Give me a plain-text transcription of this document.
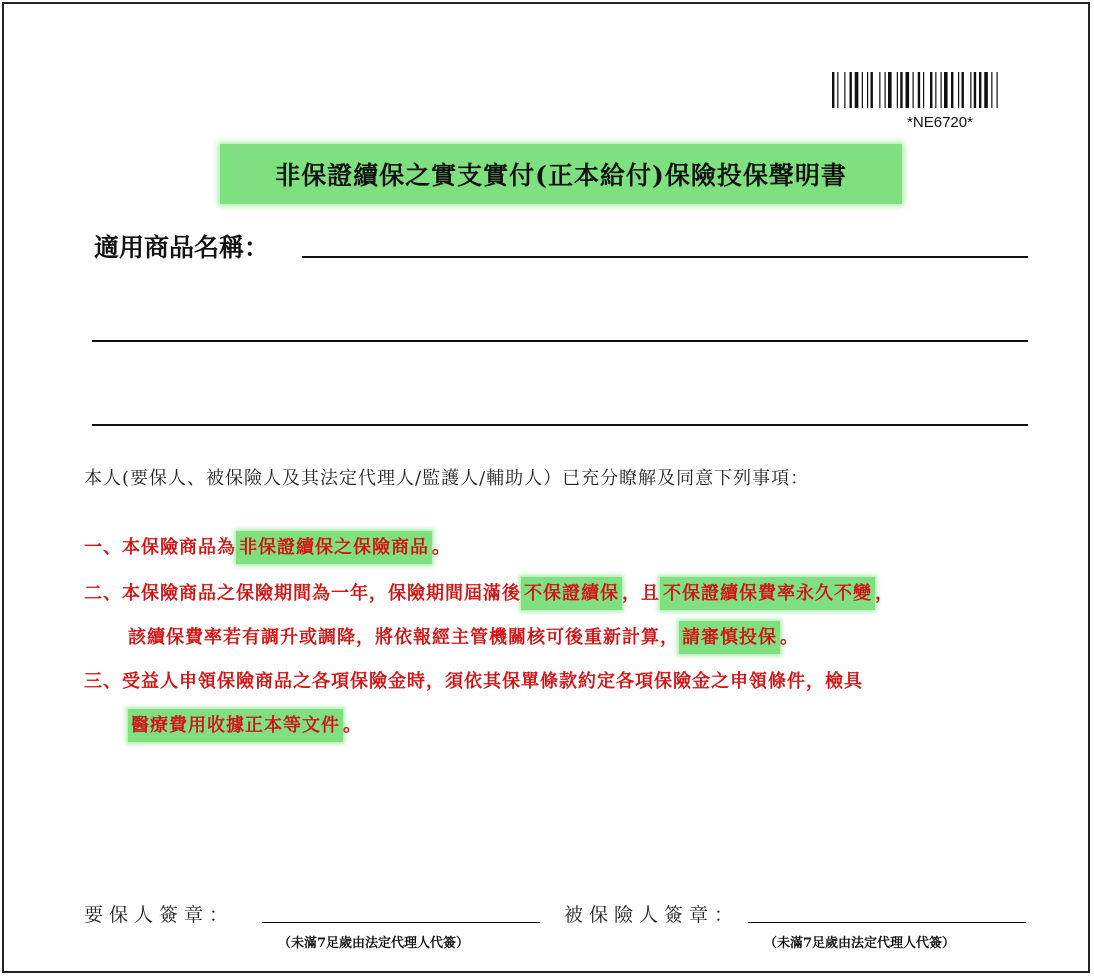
*NE6720*
非保證續保之實支實付(正本給付)保險投保聲明書
適用商品名稱：
本人(要保人、被保險人及其法定代理人/監護人/輔助人）已充分瞭解及同意下列事項：
一、本保險商品為 非保證續保之保險商品 。
二、本保險商品之保險期間為一年，保險期間屆滿後 不保證續保 ，且 不保證續保費率永久不變 ，
該續保費率若有調升或調降，將依報經主管機關核可後重新計算， 請審慎投保 。
三、受益人申領保險商品之各項保險金時，須依其保單條款約定各項保險金之申領條件，檢具
醫療費用收據正本等文件 。
要保人簽章：
（未滿7足歲由法定代理人代簽）
被保險人簽章：
（未滿7足歲由法定代理人代簽）
